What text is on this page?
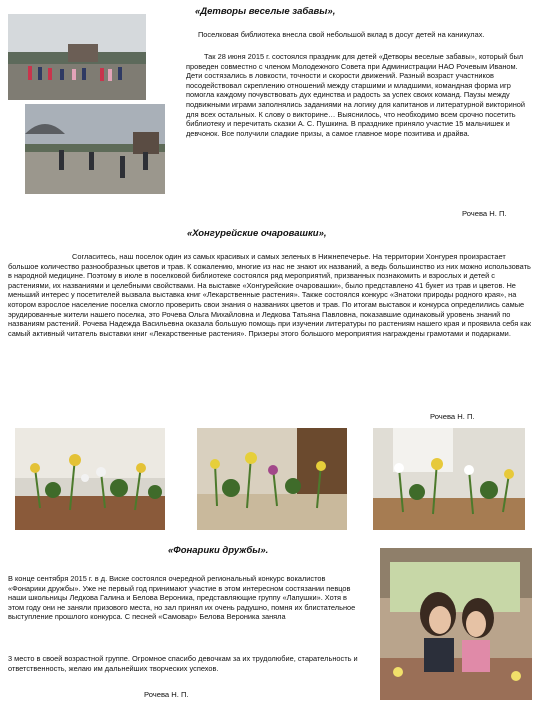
«Детворы веселые забавы»,

Поселковая библиотека внесла свой небольшой вклад в досуг детей на каникулах.

Так 28 июня 2015 г. состоялся праздник для детей «Детворы веселые забавы», который был проведен совместно с членом Молодежного Совета при Администрации НАО Рочевым Иваном. Дети состязались в ловкости, точности и скорости движений. Разный возраст участников посодействовал скреплению отношений между старшими и младшими, командная форма игр помогла каждому почувствовать дух единства и радость за успех своих команд. Паузы между подвижными играми заполнялись заданиями на логику для капитанов и литературной викториной для всех остальных. К слову о викторине… Выяснилось, что необходимо всем срочно посетить библиотеку и перечитать сказки А. С. Пушкина. В празднике приняло участие 15 мальчишек и девчонок. Все получили сладкие призы, а самое главное море позитива и драйва.

Рочева Н. П.
«Хонгурейские очаровашки»,

Согласитесь, наш поселок один из самых красивых и самых зеленых в Нижнепечерье. На территории Хонгурея произрастает большое количество разнообразных цветов и трав. К сожалению, многие из нас не знают их названий, а ведь большинство из них можно использовать в народной медицине. Поэтому в июле в поселковой библиотеке состоялся ряд мероприятий, призванных познакомить и взрослых и детей с растениями, их названиями и целебными свойствами. На выставке «Хонгурейские очаровашки», было представлено 41 букет из трав и цветов. Не меньший интерес у посетителей вызвала выставка книг «Лекарственные растения». Также состоялся конкурс «Знатоки природы родного края», на котором взрослое население поселка смогло проверить свои знания о названиях цветов и трав. По итогам выставок и конкурса определились самые эрудированные жители нашего поселка, это Рочева Ольга Михайловна и Ледкова Татьяна Павловна, показавшие одинаковый уровень знаний по названиям растений. Рочева Надежда Васильевна оказала большую помощь при изучении литературы по растениям нашего края и проявила себя как самый активный читатель выставки книг «Лекарственные растения». Призеры этого большого мероприятия награждены грамотами и подарками.

Рочева Н. П.
«Фонарики дружбы».

В конце сентября 2015 г. в д. Виске состоялся очередной региональный конкурс вокалистов «Фонарики дружбы». Уже не первый год принимают участие в этом интересном состязании певцов наши школьницы Ледкова Галина и Белова Вероника, представляющие группу «Лапушки». Хотя в этом году они не заняли призового места, но зал принял их очень радушно, помня их блистательное выступление прошлого конкурса. С песней «Самовар» Белова Вероника заняла

3 место в своей возрастной группе. Огромное спасибо девочкам за их трудолюбие, старательность и ответственность, желаю им дальнейших творческих успехов.

Рочева Н. П.
